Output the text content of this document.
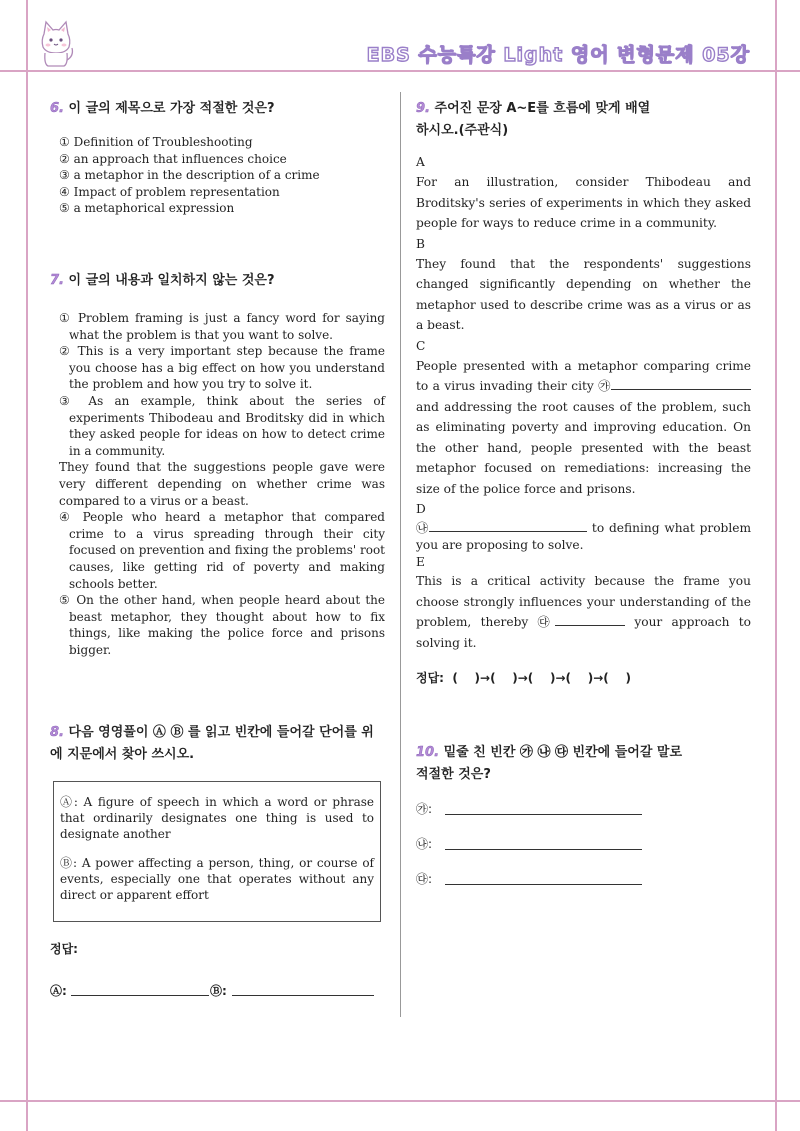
EBS 수능특강 Light 영어 변형문제 05강
6. 이 글의 제목으로 가장 적절한 것은?
① Definition of Troubleshooting
② an approach that influences choice
③ a metaphor in the description of a crime
④ Impact of problem representation
⑤ a metaphorical expression
7. 이 글의 내용과 일치하지 않는 것은?
① Problem framing is just a fancy word for saying what the problem is that you want to solve.
② This is a very important step because the frame you choose has a big effect on how you understand the problem and how you try to solve it.
③ As an example, think about the series of experiments Thibodeau and Broditsky did in which they asked people for ideas on how to detect crime in a community.
They found that the suggestions people gave were very different depending on whether crime was compared to a virus or a beast.
④ People who heard a metaphor that compared crime to a virus spreading through their city focused on prevention and fixing the problems' root causes, like getting rid of poverty and making schools better.
⑤ On the other hand, when people heard about the beast metaphor, they thought about how to fix things, like making the police force and prisons bigger.
8. 다음 영영풀이 Ⓐ Ⓑ 를 읽고 빈칸에 들어갈 단어를 위에 지문에서 찾아 쓰시오.

Ⓐ: A figure of speech in which a word or phrase that ordinarily designates one thing is used to designate another

Ⓑ: A power affecting a person, thing, or course of events, especially one that operates without any direct or apparent effort

정답:
Ⓐ:	Ⓑ:
9. 주어진 문장 A~E를 흐름에 맞게 배열
하시오.(주관식)
A
For an illustration, consider Thibodeau and Broditsky's series of experiments in which they asked people for ways to reduce crime in a community.
B
They found that the respondents' suggestions changed significantly depending on whether the metaphor used to describe crime was as a virus or as a beast.
C
People presented with a metaphor comparing crime to a virus invading their city ㉮ and addressing the root causes of the problem, such as eliminating poverty and improving education. On the other hand, people presented with the beast metaphor focused on remediations: increasing the size of the police force and prisons.
D
㉯	to defining what problem you are proposing to solve.
E
This is a critical activity because the frame you choose strongly influences your understanding of the problem, thereby ㉰	your approach to solving it.
정답:  (    )→(    )→(    )→(    )→(    )
10. 밑줄 친 빈칸 ㉮ ㉯ ㉰ 빈칸에 들어갈 말로
적절한 것은?
㉮:
㉯:
㉰:
